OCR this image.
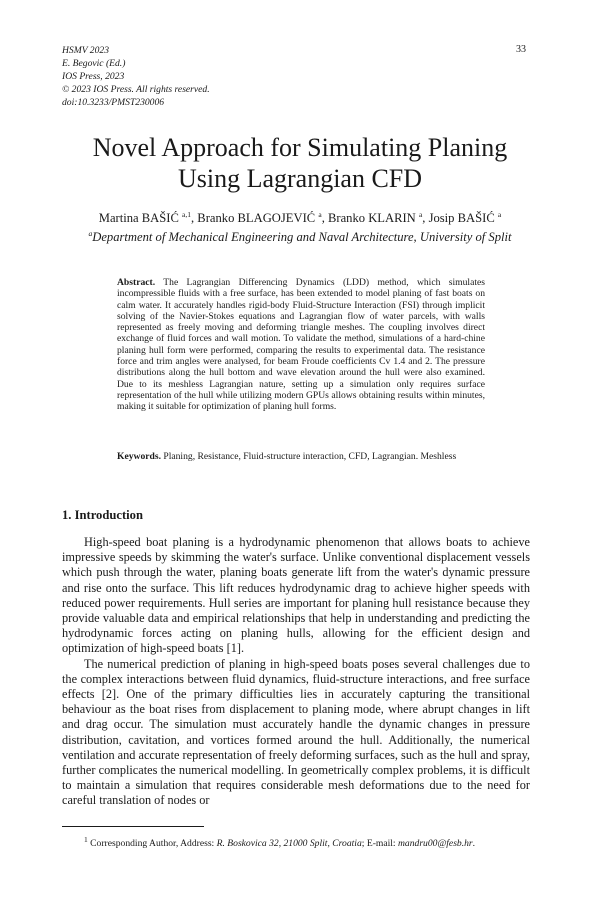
HSMV 2023
E. Begovic (Ed.)
IOS Press, 2023
© 2023 IOS Press. All rights reserved.
doi:10.3233/PMST230006
33
Novel Approach for Simulating Planing
Using Lagrangian CFD
Martina BAŠIĆ $^{a,1}$, Branko BLAGOJEVIĆ $^a$, Branko KLARIN $^a$, Josip BAŠIĆ $^a$
$^a$Department of Mechanical Engineering and Naval Architecture, University of Split
Abstract. The Lagrangian Differencing Dynamics (LDD) method, which simulates incompressible fluids with a free surface, has been extended to model planing of fast boats on calm water. It accurately handles rigid-body Fluid-Structure Interaction (FSI) through implicit solving of the Navier-Stokes equations and Lagrangian flow of water parcels, with walls represented as freely moving and deforming triangle meshes. The coupling involves direct exchange of fluid forces and wall motion. To validate the method, simulations of a hard-chine planing hull form were performed, comparing the results to experimental data. The resistance force and trim angles were analysed, for beam Froude coefficients Cv 1.4 and 2. The pressure distributions along the hull bottom and wave elevation around the hull were also examined. Due to its meshless Lagrangian nature, setting up a simulation only requires surface representation of the hull while utilizing modern GPUs allows obtaining results within minutes, making it suitable for optimization of planing hull forms.
Keywords. Planing, Resistance, Fluid-structure interaction, CFD, Lagrangian. Meshless
1. Introduction

High-speed boat planing is a hydrodynamic phenomenon that allows boats to achieve impressive speeds by skimming the water's surface. Unlike conventional displacement vessels which push through the water, planing boats generate lift from the water's dynamic pressure and rise onto the surface. This lift reduces hydrodynamic drag to achieve higher speeds with reduced power requirements. Hull series are important for planing hull resistance because they provide valuable data and empirical relationships that help in understanding and predicting the hydrodynamic forces acting on planing hulls, allowing for the efficient design and optimization of high-speed boats [1].

The numerical prediction of planing in high-speed boats poses several challenges due to the complex interactions between fluid dynamics, fluid-structure interactions, and free surface effects [2]. One of the primary difficulties lies in accurately capturing the transitional behaviour as the boat rises from displacement to planing mode, where abrupt changes in lift and drag occur. The simulation must accurately handle the dynamic changes in pressure distribution, cavitation, and vortices formed around the hull. Additionally, the numerical ventilation and accurate representation of freely deforming surfaces, such as the hull and spray, further complicates the numerical modelling. In geometrically complex problems, it is difficult to maintain a simulation that requires considerable mesh deformations due to the need for careful translation of nodes or

$^1$ Corresponding Author, Address: R. Boskovica 32, 21000 Split, Croatia; E-mail: mandru00@fesb.hr.
